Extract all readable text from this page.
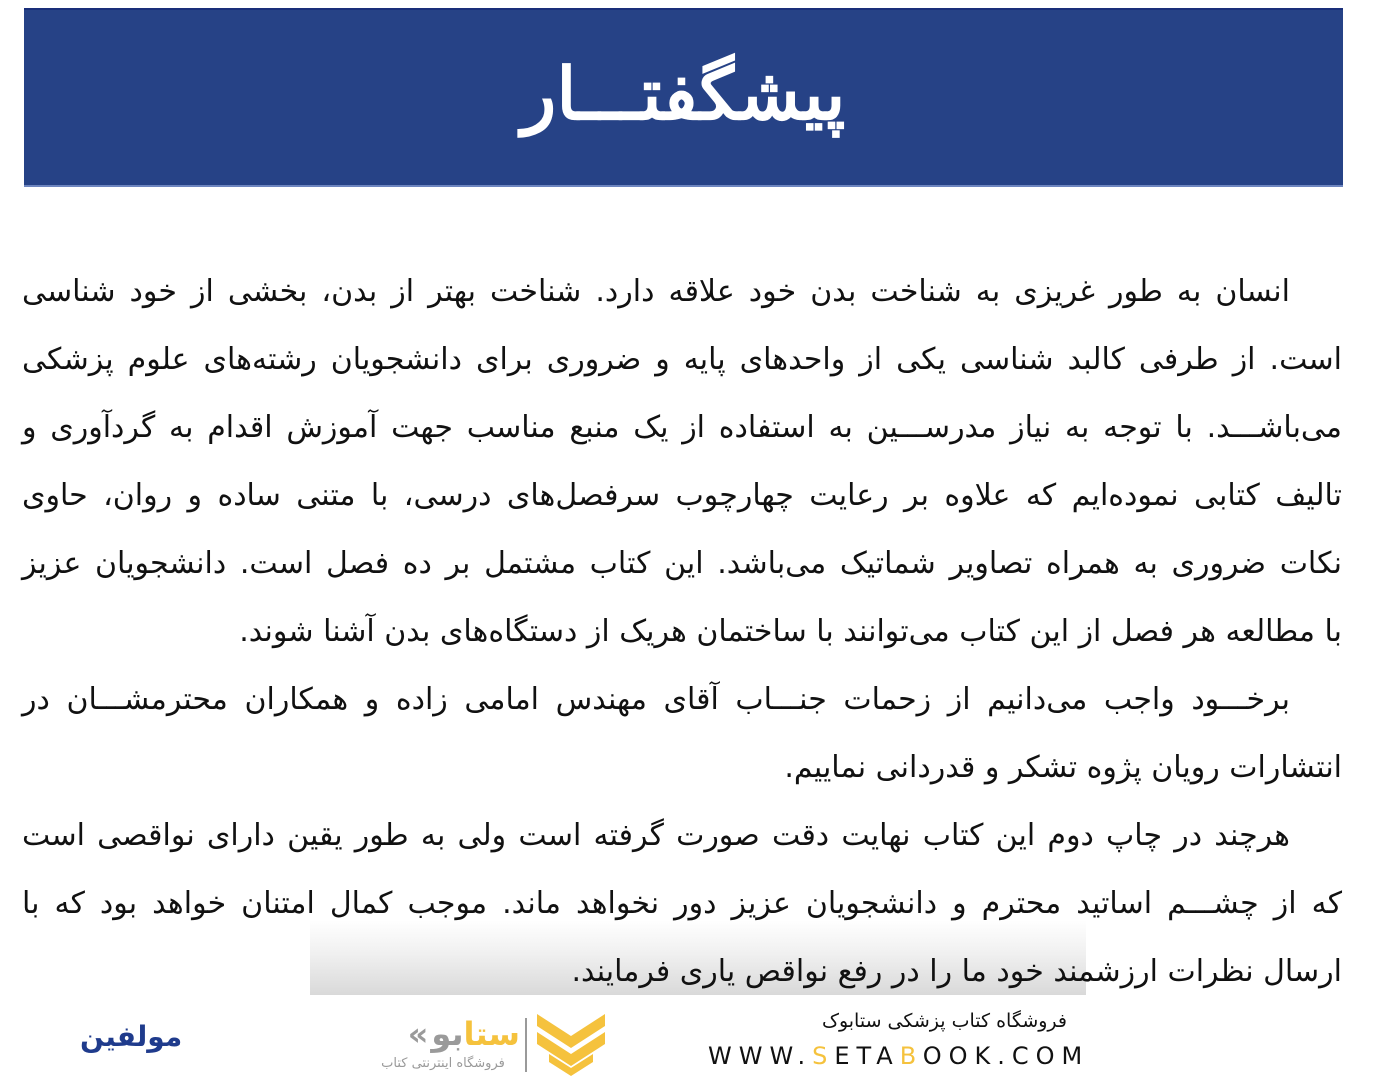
پیشگفتـــار
انسان به طور غریزی به شناخت بدن خود علاقه دارد. شناخت بهتر از بدن، بخشی از خود شناسی
است. از طرفی کالبد شناسی یکی از واحدهای پایه و ضروری برای دانشجویان رشته‌های علوم پزشکی
می‌باشـــد. با توجه به نیاز مدرســـین به استفاده از یک منبع مناسب جهت آموزش اقدام به گردآوری و
تالیف کتابی نموده‌ایم که علاوه بر رعایت چهارچوب سرفصل‌های درسی، با متنی ساده و روان، حاوی
نکات ضروری به همراه تصاویر شماتیک می‌باشد. این کتاب مشتمل بر ده فصل است. دانشجویان عزیز
با مطالعه هر فصل از این کتاب می‌توانند با ساختمان هریک از دستگاه‌های بدن آشنا شوند.
برخـــود واجب می‌دانیم از زحمات جنـــاب آقای مهندس امامی زاده و همکاران محترمشـــان در
انتشارات رویان پژوه تشکر و قدردانی نماییم.
هرچند در چاپ دوم این کتاب نهایت دقت صورت گرفته است ولی به طور یقین دارای نواقصی است
که از چشـــم اساتید محترم و دانشجویان عزیز دور نخواهد ماند. موجب کمال امتنان خواهد بود که با
ارسال نظرات ارزشمند خود ما را در رفع نواقص یاری فرمایند.
مولفین	« بو ستا
فروشگاه اینترنتی کتاب
فروشگاه کتاب پزشکی ستابوک
WWW.SETABOOK.COM
